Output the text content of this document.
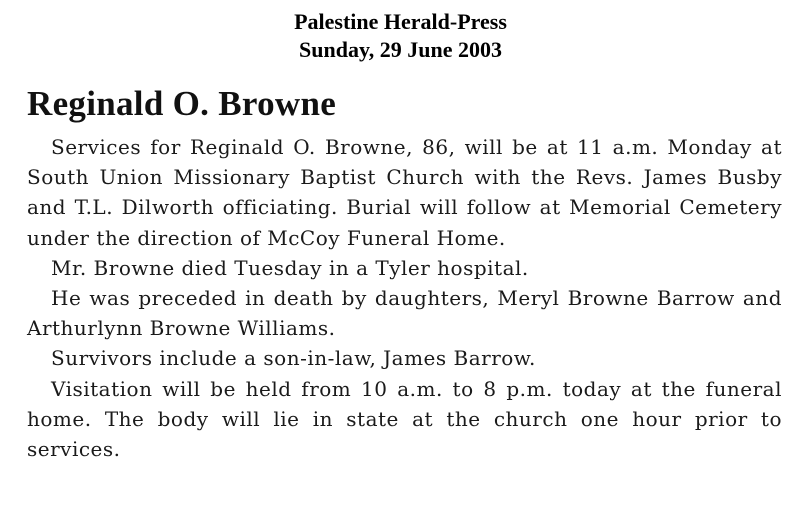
Palestine Herald-Press
Sunday, 29 June 2003
Reginald O. Browne

Services for Reginald O. Browne, 86, will be at 11 a.m. Monday at South Union Missionary Baptist Church with the Revs. James Busby and T.L. Dilworth officiating. Burial will follow at Memorial Cemetery under the direction of McCoy Funeral Home.

Mr. Browne died Tuesday in a Tyler hospital.

He was preceded in death by daughters, Meryl Browne Barrow and Arthurlynn Browne Williams.

Survivors include a son-in-law, James Barrow.

Visitation will be held from 10 a.m. to 8 p.m. today at the funeral home. The body will lie in state at the church one hour prior to services.
